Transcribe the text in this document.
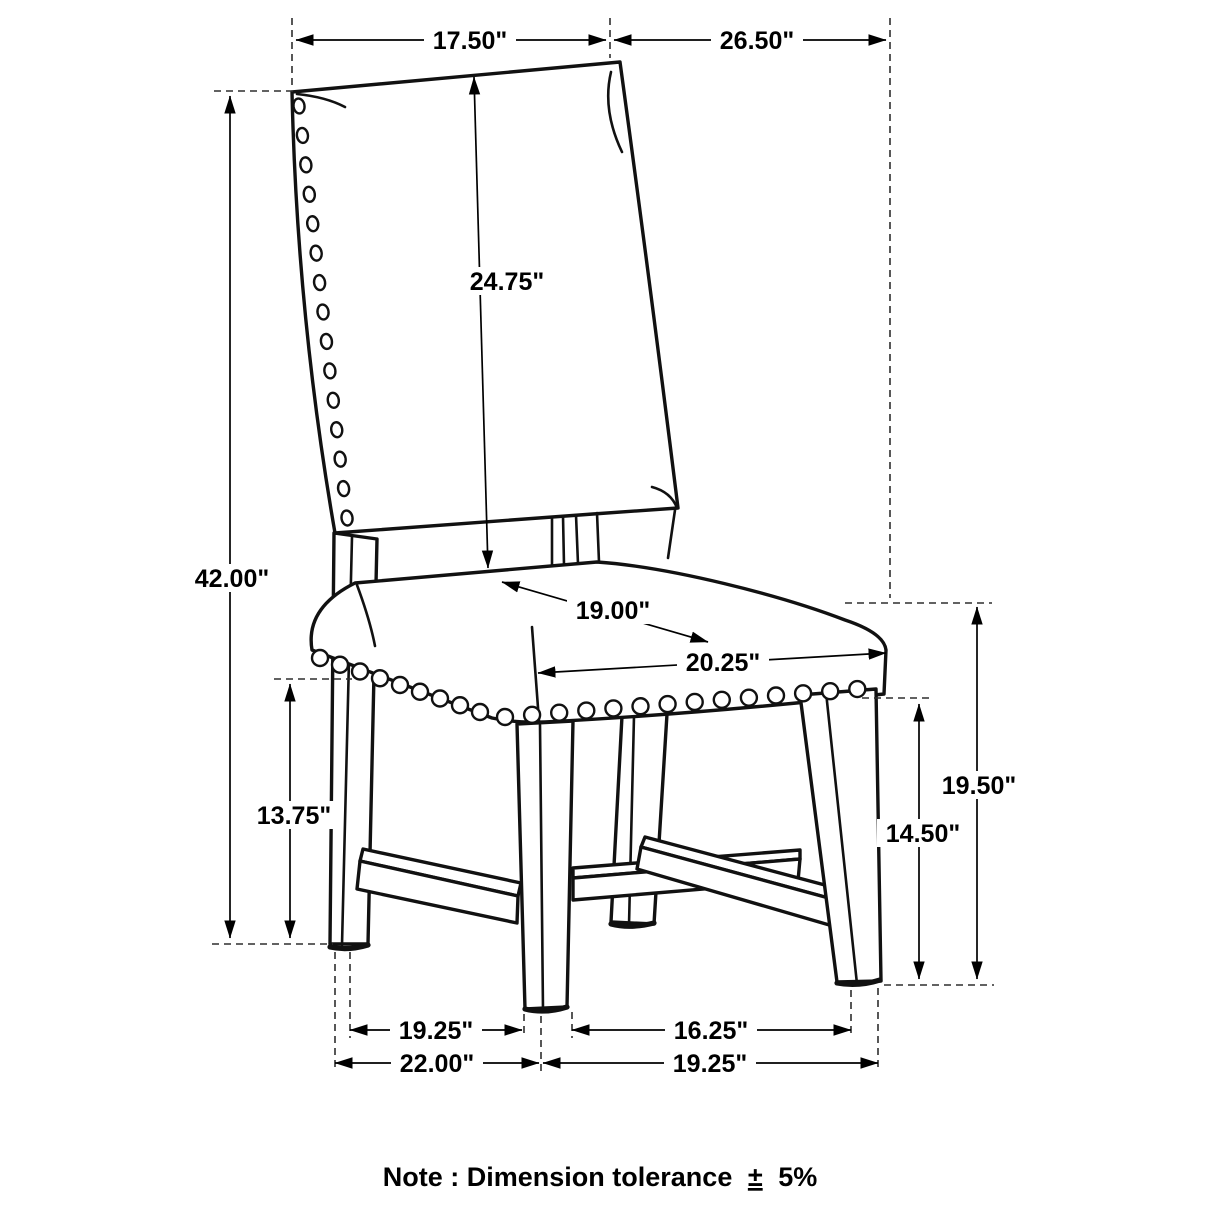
17.50"	26.50"
42.00"
13.75"
24.75"
19.00"
20.25"
19.50"
14.50"
19.25"	16.25"
22.00"	19.25"
Note : Dimension tolerance ± 5%
